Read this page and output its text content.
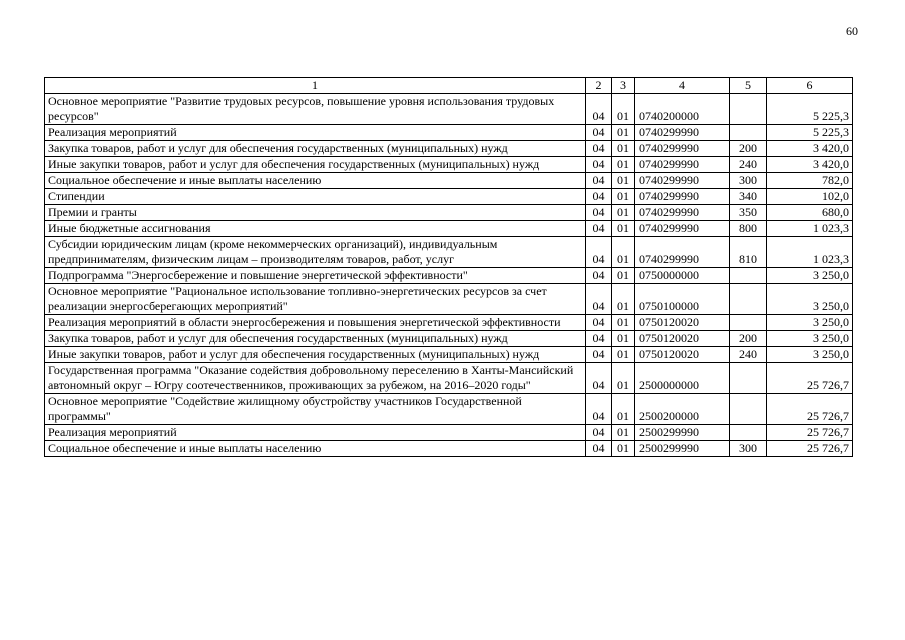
60
1	2	3	4	5	6
Основное мероприятие "Развитие трудовых ресурсов, повышение уровня использования трудовых ресурсов"	04	01	0740200000		5 225,3
Реализация мероприятий	04	01	0740299990		5 225,3
Закупка товаров, работ и услуг для обеспечения государственных (муниципальных) нужд	04	01	0740299990	200	3 420,0
Иные закупки товаров, работ и услуг для обеспечения государственных (муниципальных) нужд	04	01	0740299990	240	3 420,0
Социальное обеспечение и иные выплаты населению	04	01	0740299990	300	782,0
Стипендии	04	01	0740299990	340	102,0
Премии и гранты	04	01	0740299990	350	680,0
Иные бюджетные ассигнования	04	01	0740299990	800	1 023,3
Субсидии юридическим лицам (кроме некоммерческих организаций), индивидуальным предпринимателям, физическим лицам – производителям товаров, работ, услуг	04	01	0740299990	810	1 023,3
Подпрограмма "Энергосбережение и повышение энергетической эффективности"	04	01	0750000000		3 250,0
Основное мероприятие "Рациональное использование топливно-энергетических ресурсов за счет реализации энергосберегающих мероприятий"	04	01	0750100000		3 250,0
Реализация мероприятий в области энергосбережения и повышения энергетической эффективности	04	01	0750120020		3 250,0
Закупка товаров, работ и услуг для обеспечения государственных (муниципальных) нужд	04	01	0750120020	200	3 250,0
Иные закупки товаров, работ и услуг для обеспечения государственных (муниципальных) нужд	04	01	0750120020	240	3 250,0
Государственная программа "Оказание содействия добровольному переселению в Ханты-Мансийский автономный округ – Югру соотечественников, проживающих за рубежом, на 2016–2020 годы"	04	01	2500000000		25 726,7
Основное мероприятие "Содействие жилищному обустройству участников Государственной программы"	04	01	2500200000		25 726,7
Реализация мероприятий	04	01	2500299990		25 726,7
Социальное обеспечение и иные выплаты населению	04	01	2500299990	300	25 726,7
